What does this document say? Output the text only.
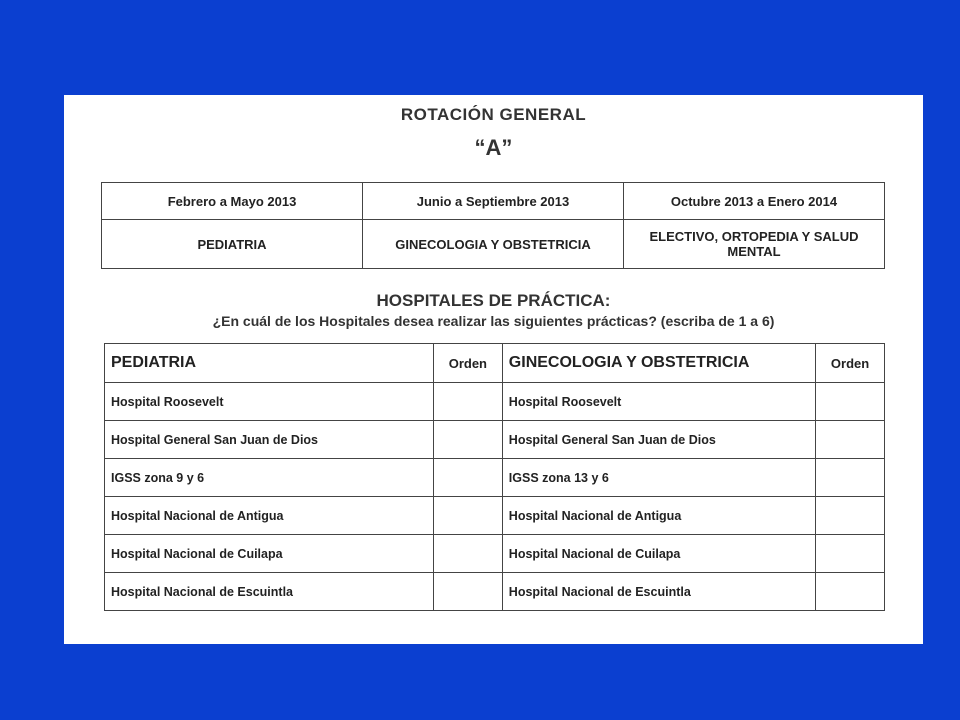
ROTACIÓN GENERAL
“A”
Febrero a Mayo 2013	Junio a Septiembre 2013	Octubre 2013 a Enero 2014
PEDIATRIA	GINECOLOGIA Y OBSTETRICIA	ELECTIVO, ORTOPEDIA Y SALUD MENTAL
HOSPITALES DE PRÁCTICA:
¿En cuál de los Hospitales desea realizar las siguientes prácticas? (escriba de 1 a 6)
PEDIATRIA	Orden	GINECOLOGIA Y OBSTETRICIA	Orden
Hospital Roosevelt		Hospital Roosevelt	
Hospital General San Juan de Dios		Hospital General San Juan de Dios	
IGSS zona 9 y 6		IGSS zona 13 y 6	
Hospital Nacional de Antigua		Hospital Nacional de Antigua	
Hospital Nacional de Cuilapa		Hospital Nacional de Cuilapa	
Hospital Nacional de Escuintla		Hospital Nacional de Escuintla	
